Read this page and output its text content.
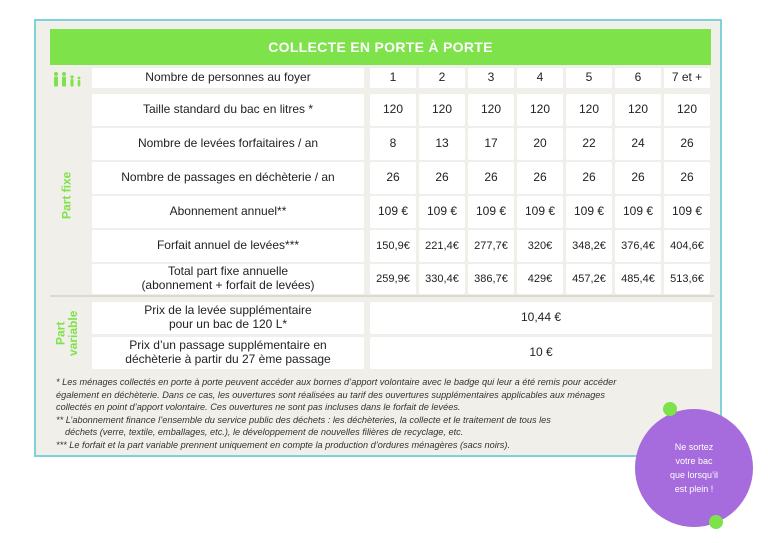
COLLECTE EN PORTE À PORTE
Part fixe
Part variable
Nombre de personnes au foyer	1	2	3	4	5	6	7 et +
Taille standard du bac en litres *	120	120	120	120	120	120	120
Nombre de levées forfaitaires / an	8	13	17	20	22	24	26
Nombre de passages en déchèterie / an	26	26	26	26	26	26	26
Abonnement annuel**	109 €	109 €	109 €	109 €	109 €	109 €	109 €
Forfait annuel de levées***	150,9€	221,4€	277,7€	320€	348,2€	376,4€	404,6€
Total part fixe annuelle
(abonnement + forfait de levées)	259,9€	330,4€	386,7€	429€	457,2€	485,4€	513,6€
Prix de la levée supplémentaire
pour un bac de 120 L*	10,44 €
Prix d’un passage supplémentaire en
déchèterie à partir du 27 ème passage	10 €

* Les ménages collectés en porte à porte peuvent accéder aux bornes d’apport volontaire avec le badge qui leur a été remis pour accéder

également en déchèterie. Dans ce cas, les ouvertures sont réalisées au tarif des ouvertures supplémentaires applicables aux ménages

collectés en point d’apport volontaire. Ces ouvertures ne sont pas incluses dans le forfait de levées.

** L’abonnement finance l’ensemble du service public des déchets : les déchèteries, la collecte et le traitement de tous les

déchets (verre, textile, emballages, etc.), le développement de nouvelles filières de recyclage, etc.

*** Le forfait et la part variable prennent uniquement en compte la production d’ordures ménagères (sacs noirs).	Ne sortez
votre bac
que lorsqu’il
est plein !
